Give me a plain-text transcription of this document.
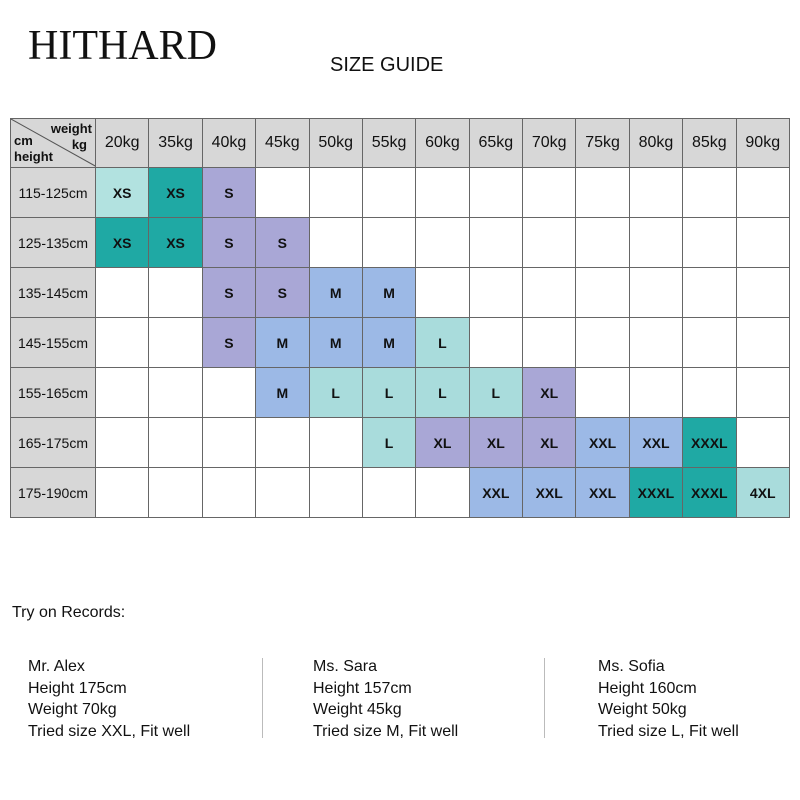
HITHARD	SIZE GUIDE
weight
cm kg
height	20kg	35kg	40kg	45kg	50kg	55kg	60kg	65kg	70kg	75kg	80kg	85kg	90kg
115-125cm	XS	XS	S										
125-135cm	XS	XS	S	S									
135-145cm			S	S	M	M							
145-155cm			S	M	M	M	L						
155-165cm				M	L	L	L	L	XL				
165-175cm						L	XL	XL	XL	XXL	XXL	XXXL	
175-190cm								XXL	XXL	XXL	XXXL	XXXL	4XL
Try on Records:
Mr. Alex
Height 175cm
Weight 70kg
Tried size XXL, Fit well
Ms. Sara
Height 157cm
Weight 45kg
Tried size M, Fit well
Ms. Sofia
Height 160cm
Weight 50kg
Tried size L, Fit well
